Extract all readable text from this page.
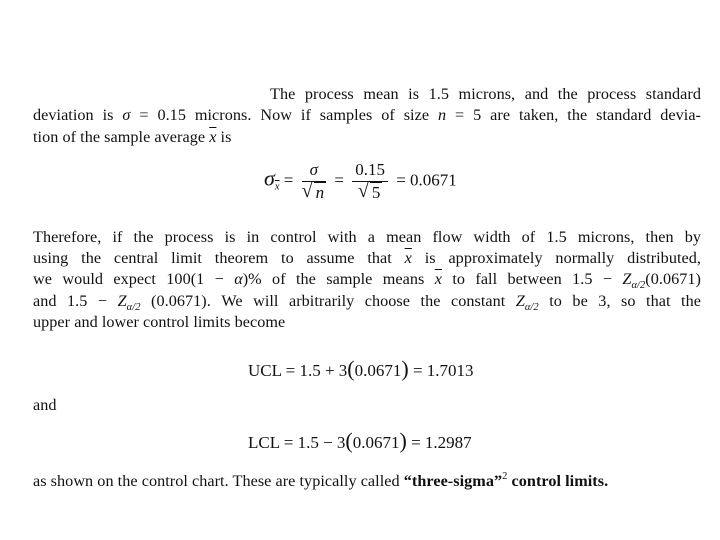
The process mean is 1.5 microns, and the process standard
deviation is σ = 0.15 microns. Now if samples of size n = 5 are taken, the standard devia-
tion of the sample average $\overline{x}$ is
$\sigma_{\overline{x}} = \sigma$
√ n = 0.15
√ 5 = 0.0671
Therefore, if the process is in control with a mean flow width of 1.5 microns, then by
using the central limit theorem to assume that $\overline{x}$ is approximately normally distributed,
we would expect 100(1 − α)% of the sample means $\overline{x}$ to fall between $1.5 - Z_{\alpha/2}(0.0671)$
and $1.5 - Z_{\alpha/2}$ (0.0671). We will arbitrarily choose the constant $Z_{\alpha/2}$ to be 3, so that the
upper and lower control limits become
UCL = 1.5 + 3(0.0671) = 1.7013
and
LCL = 1.5 − 3(0.0671) = 1.2987
as shown on the control chart. These are typically called “three-sigma”$^2$ control limits.
